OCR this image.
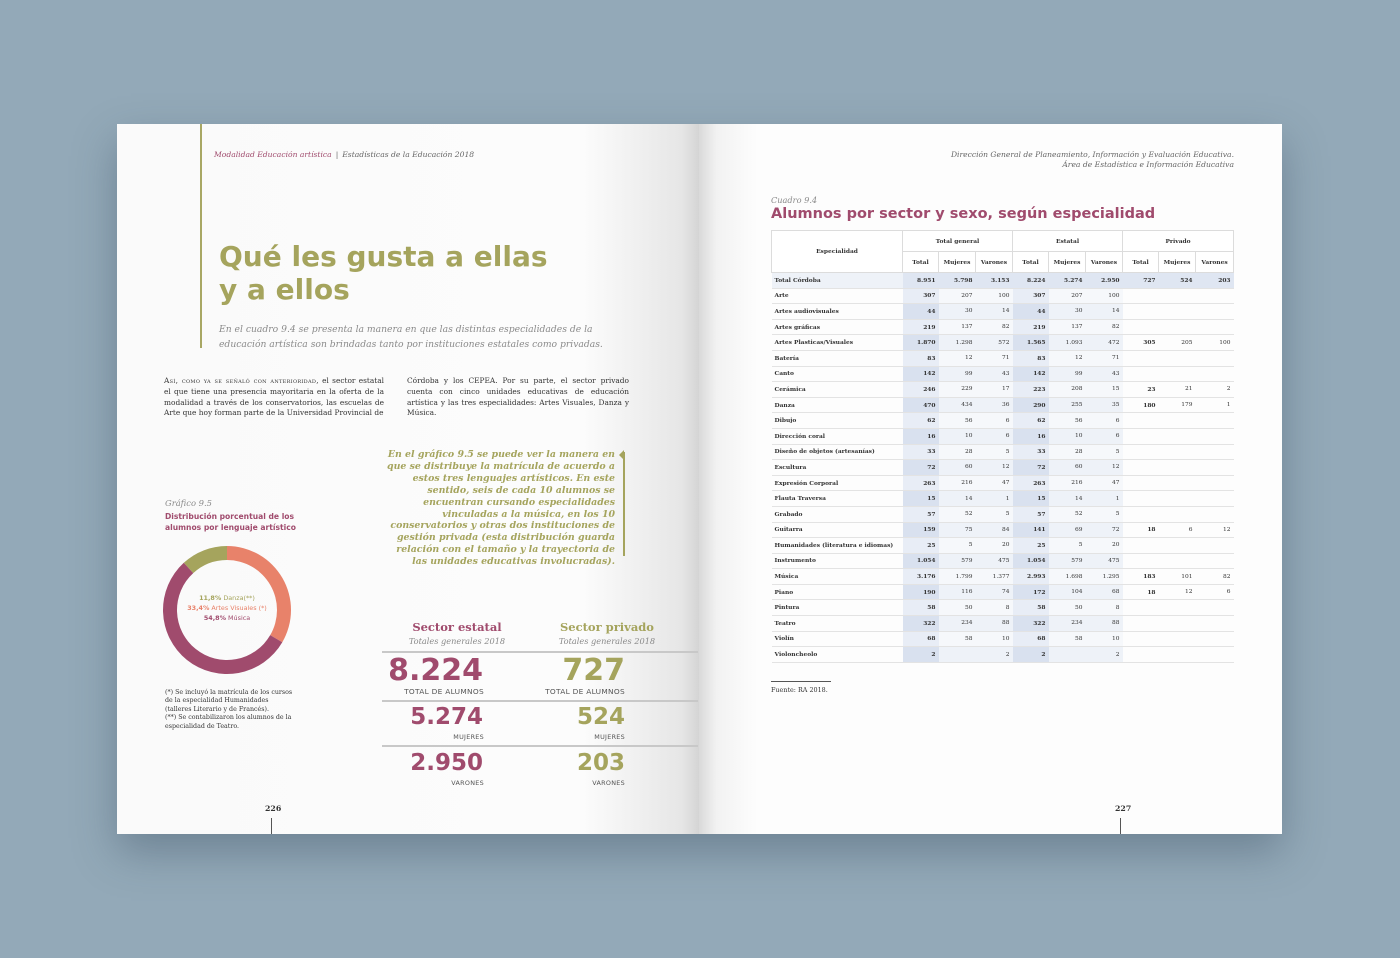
Modalidad Educación artística | Estadísticas de la Educación 2018
Qué les gusta a ellas
y a ellos
En el cuadro 9.4 se presenta la manera en que las distintas especialidades de la educación artística son brindadas tanto por instituciones estatales como privadas.
Así, como ya se señaló con anterioridad, el sector estatal el que tiene una presencia mayoritaria en la oferta de la modalidad a través de los conservatorios, las escuelas de Arte que hoy forman parte de la Universidad Provincial de
Córdoba y los CEPEA. Por su parte, el sector privado cuenta con cinco unidades educativas de educación artística y las tres especialidades: Artes Visuales, Danza y Música.
En el gráfico 9.5 se puede ver la manera en que se distribuye la matrícula de acuerdo a estos tres lenguajes artísticos. En este sentido, seis de cada 10 alumnos se encuentran cursando especialidades vinculadas a la música, en los 10 conservatorios y otras dos instituciones de gestión privada (esta distribución guarda relación con el tamaño y la trayectoria de las unidades educativas involucradas).
Gráfico 9.5
Distribución porcentual de los alumnos por lenguaje artístico
11,8% Danza(**)
33,4% Artes Visuales (*)
54,8% Música
(*) Se incluyó la matrícula de los cursos de la especialidad Humanidades (talleres Literario y de Francés).
(**) Se contabilizaron los alumnos de la especialidad de Teatro.
Sector estatal
Totales generales 2018
Sector privado
Totales generales 2018
8.224	727
TOTAL DE ALUMNOS	TOTAL DE ALUMNOS
5.274	524
MUJERES	MUJERES
2.950	203
VARONES	VARONES
226
Dirección General de Planeamiento, Información y Evaluación Educativa.
Área de Estadística e Información Educativa
227
Cuadro 9.4
Alumnos por sector y sexo, según especialidad
Especialidad	Total general			Estatal			Privado		
	Total	Mujeres	Varones	Total	Mujeres	Varones	Total	Mujeres	Varones
Total Córdoba	8.951	5.798	3.153	8.224	5.274	2.950	727	524	203
Arte	307	207	100	307	207	100			
Artes audiovisuales	44	30	14	44	30	14			
Artes gráficas	219	137	82	219	137	82			
Artes Plasticas/Visuales	1.870	1.298	572	1.565	1.093	472	305	205	100
Batería	83	12	71	83	12	71			
Canto	142	99	43	142	99	43			
Cerámica	246	229	17	223	208	15	23	21	2
Danza	470	434	36	290	255	35	180	179	1
Dibujo	62	56	6	62	56	6			
Dirección coral	16	10	6	16	10	6			
Diseño de objetos (artesanías)	33	28	5	33	28	5			
Escultura	72	60	12	72	60	12			
Expresión Corporal	263	216	47	263	216	47			
Flauta Traversa	15	14	1	15	14	1			
Grabado	57	52	5	57	52	5			
Guitarra	159	75	84	141	69	72	18	6	12
Humanidades (literatura e idiomas)	25	5	20	25	5	20			
Instrumento	1.054	579	475	1.054	579	475			
Música	3.176	1.799	1.377	2.993	1.698	1.295	183	101	82
Piano	190	116	74	172	104	68	18	12	6
Pintura	58	50	8	58	50	8			
Teatro	322	234	88	322	234	88			
Violín	68	58	10	68	58	10			
Violoncheolo	2		2	2		2			
Fuente: RA 2018.
